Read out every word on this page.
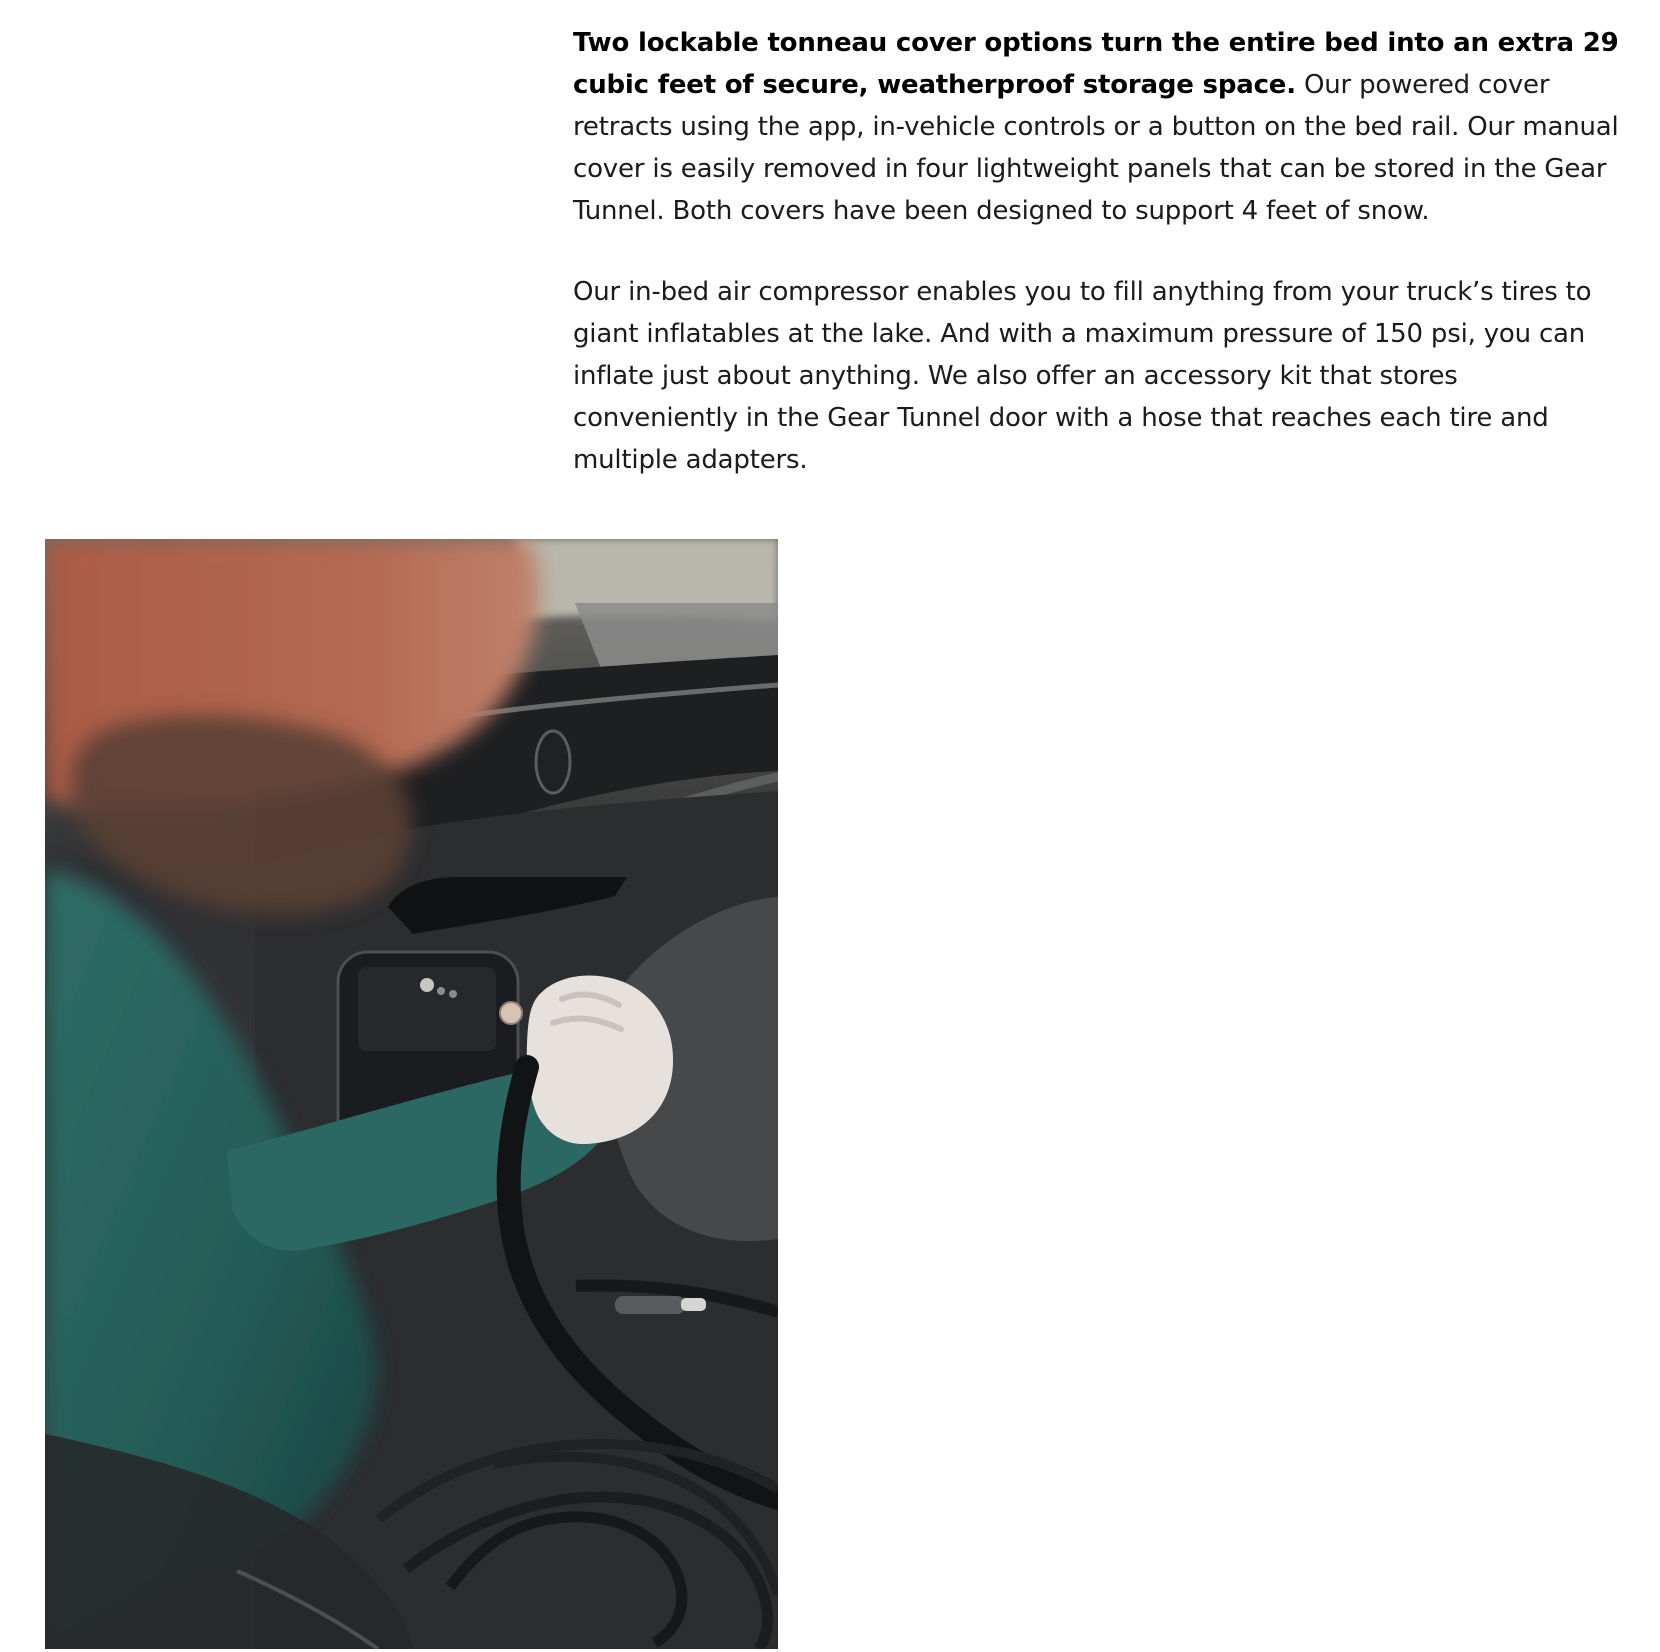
Two lockable tonneau cover options turn the entire bed into an extra 29 cubic feet of secure, weatherproof storage space. Our powered cover retracts using the app, in-vehicle controls or a button on the bed rail. Our manual cover is easily removed in four lightweight panels that can be stored in the Gear Tunnel. Both covers have been designed to support 4 feet of snow.

Our in-bed air compressor enables you to fill anything from your truck’s tires to giant inflatables at the lake. And with a maximum pressure of 150 psi, you can inflate just about anything. We also offer an accessory kit that stores conveniently in the Gear Tunnel door with a hose that reaches each tire and multiple adapters.
